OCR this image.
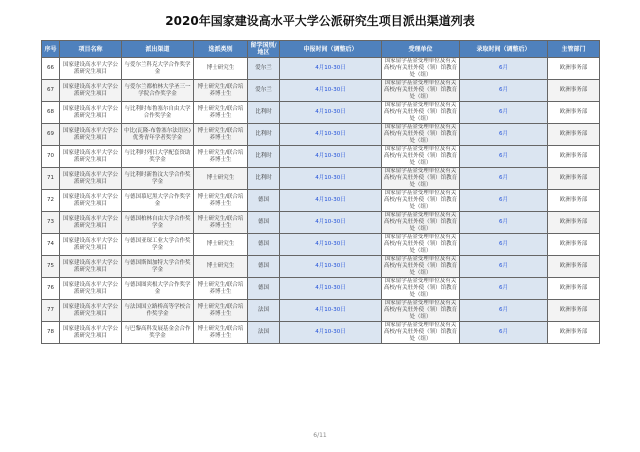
2020年国家建设高水平大学公派研究生项目派出渠道列表
序号	项目名称	派出渠道	选派类别	留学国别/地区	申报时间（调整后）	受理单位	录取时间（调整后）	主管部门
66	国家建设高水平大学公派研究生项目	与爱尔兰科克大学合作奖学金	博士研究生	爱尔兰	4月10-30日	国家留学基金受理单位及有关高校/有关驻外使（领）馆教育处（组）	6月	欧洲事务部
67	国家建设高水平大学公派研究生项目	与爱尔兰都柏林大学圣三一学院合作奖学金	博士研究生/联合培养博士生	爱尔兰	4月10-30日	国家留学基金受理单位及有关高校/有关驻外使（领）馆教育处（组）	6月	欧洲事务部
68	国家建设高水平大学公派研究生项目	与比利时布鲁塞尔自由大学合作奖学金	博士研究生/联合培养博士生	比利时	4月10-30日	国家留学基金受理单位及有关高校/有关驻外使（领）馆教育处（组）	6月	欧洲事务部
69	国家建设高水平大学公派研究生项目	中比(瓦隆-布鲁塞尔法语区)优秀青年学者奖学金	博士研究生/联合培养博士生	比利时	4月10-30日	国家留学基金受理单位及有关高校/有关驻外使（领）馆教育处（组）	6月	欧洲事务部
70	国家建设高水平大学公派研究生项目	与比利时列日大学配套资助奖学金	博士研究生/联合培养博士生	比利时	4月10-30日	国家留学基金受理单位及有关高校/有关驻外使（领）馆教育处（组）	6月	欧洲事务部
71	国家建设高水平大学公派研究生项目	与比利时新鲁汶大学合作奖学金	博士研究生	比利时	4月10-30日	国家留学基金受理单位及有关高校/有关驻外使（领）馆教育处（组）	6月	欧洲事务部
72	国家建设高水平大学公派研究生项目	与德国慕尼黑大学合作奖学金	博士研究生/联合培养博士生	德国	4月10-30日	国家留学基金受理单位及有关高校/有关驻外使（领）馆教育处（组）	6月	欧洲事务部
73	国家建设高水平大学公派研究生项目	与德国柏林自由大学合作奖学金	博士研究生/联合培养博士生	德国	4月10-30日	国家留学基金受理单位及有关高校/有关驻外使（领）馆教育处（组）	6月	欧洲事务部
74	国家建设高水平大学公派研究生项目	与德国亚琛工业大学合作奖学金	博士研究生	德国	4月10-30日	国家留学基金受理单位及有关高校/有关驻外使（领）馆教育处（组）	6月	欧洲事务部
75	国家建设高水平大学公派研究生项目	与德国斯图加特大学合作奖学金	博士研究生	德国	4月10-30日	国家留学基金受理单位及有关高校/有关驻外使（领）馆教育处（组）	6月	欧洲事务部
76	国家建设高水平大学公派研究生项目	与德国图宾根大学合作奖学金	博士研究生/联合培养博士生	德国	4月10-30日	国家留学基金受理单位及有关高校/有关驻外使（领）馆教育处（组）	6月	欧洲事务部
77	国家建设高水平大学公派研究生项目	与法国国立路桥高等学校合作奖学金	博士研究生/联合培养博士生	法国	4月10-30日	国家留学基金受理单位及有关高校/有关驻外使（领）馆教育处（组）	6月	欧洲事务部
78	国家建设高水平大学公派研究生项目	与巴黎高科发展基金会合作奖学金	博士研究生/联合培养博士生	法国	4月10-30日	国家留学基金受理单位及有关高校/有关驻外使（领）馆教育处（组）	6月	欧洲事务部
6/11
